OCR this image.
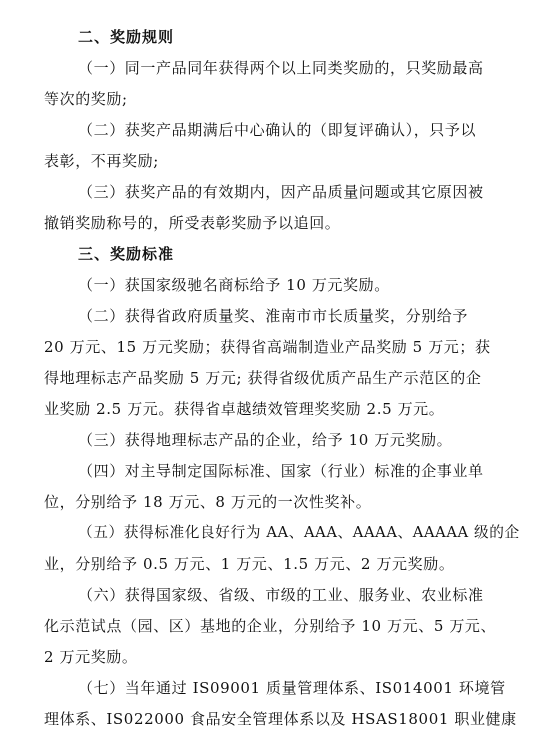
二、奖励规则
（一）同一产品同年获得两个以上同类奖励的，只奖励最高
等次的奖励;
（二）获奖产品期满后中心确认的（即复评确认），只予以
表彰，不再奖励;
（三）获奖产品的有效期内，因产品质量问题或其它原因被
撤销奖励称号的，所受表彰奖励予以追回。
三、奖励标准
（一）获国家级驰名商标给予 10 万元奖励。
（二）获得省政府质量奖、淮南市市长质量奖，分别给予
20 万元、15 万元奖励；获得省高端制造业产品奖励 5 万元；获
得地理标志产品奖励 5 万元; 获得省级优质产品生产示范区的企
业奖励 2.5 万元。获得省卓越绩效管理奖奖励 2.5 万元。
（三）获得地理标志产品的企业，给予 10 万元奖励。
（四）对主导制定国际标准、国家（行业）标准的企事业单
位，分别给予 18 万元、8 万元的一次性奖补。
（五）获得标准化良好行为 AA、AAA、AAAA、AAAAA 级的企
业，分别给予 0.5 万元、1 万元、1.5 万元、2 万元奖励。
（六）获得国家级、省级、市级的工业、服务业、农业标准
化示范试点（园、区）基地的企业，分别给予 10 万元、5 万元、
2 万元奖励。
（七）当年通过 IS09001 质量管理体系、IS014001 环境管
理体系、IS022000 食品安全管理体系以及 HSAS18001 职业健康
